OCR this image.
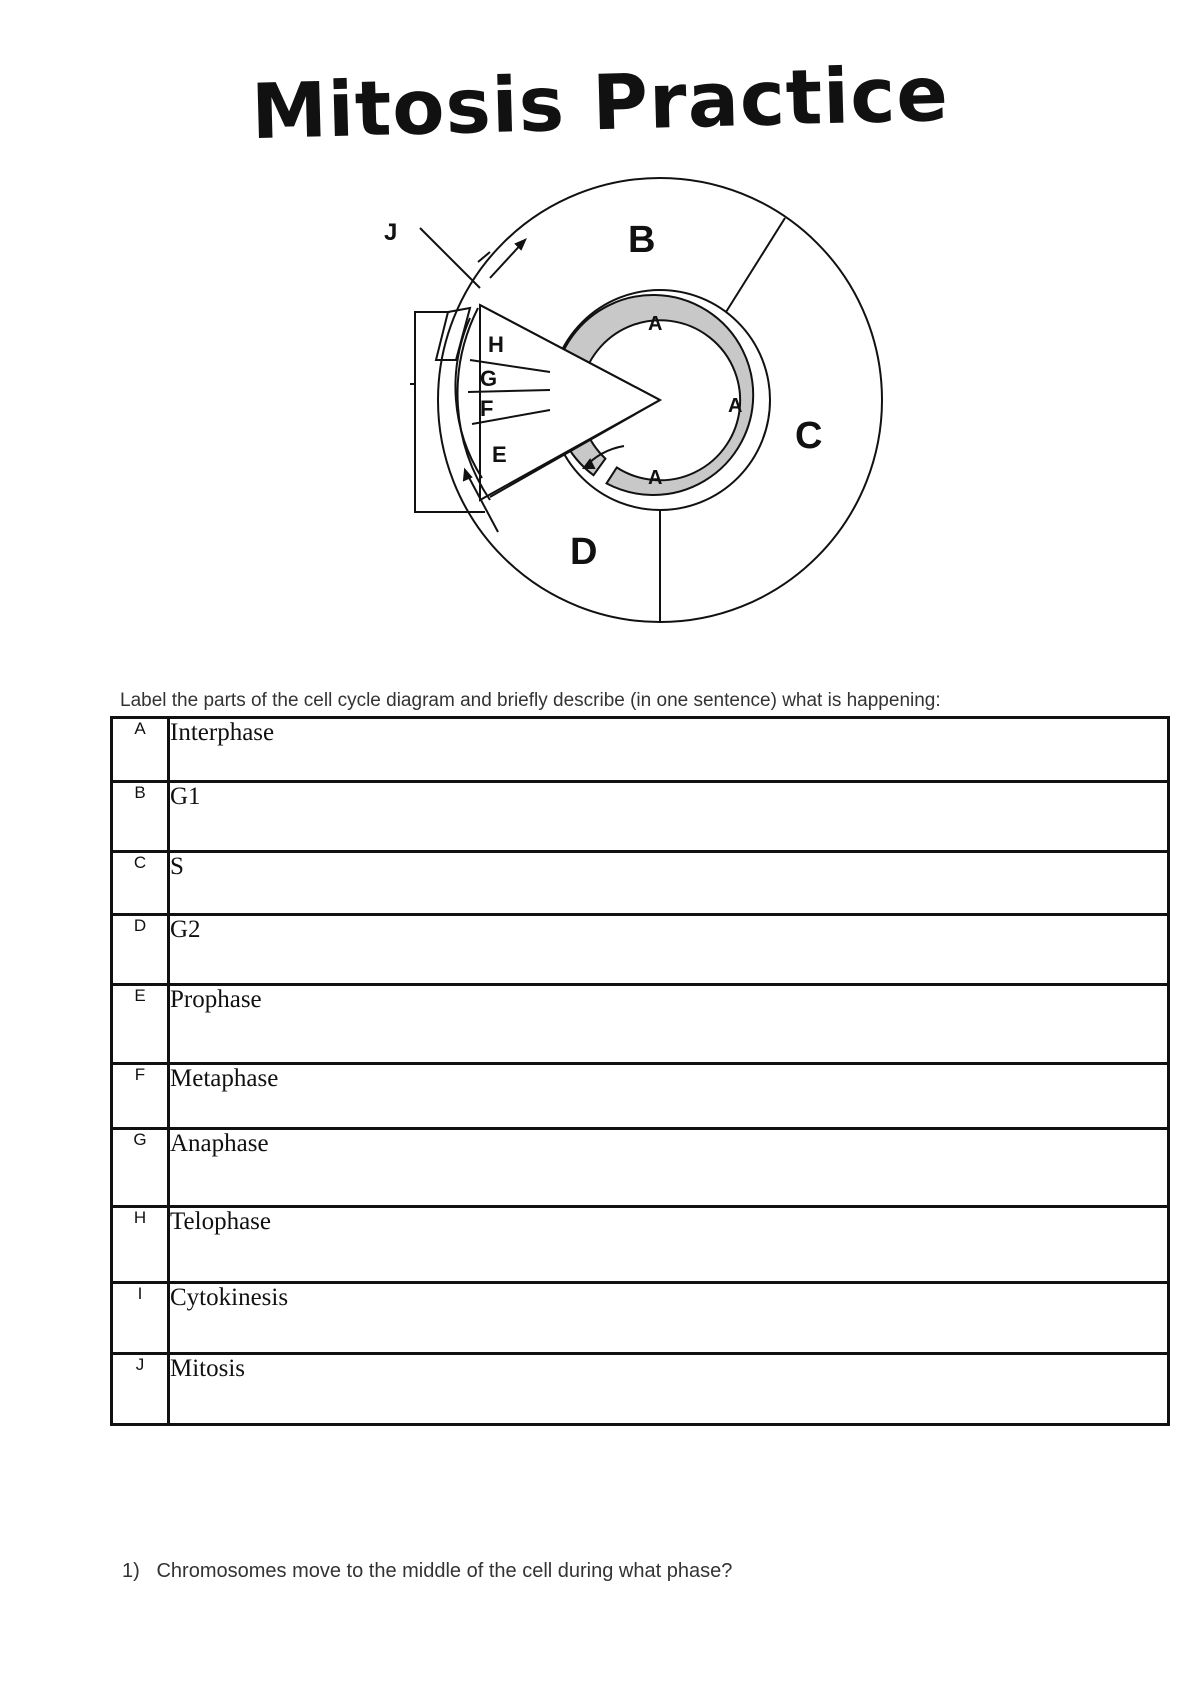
Mitosis Practice
J	B
C
D
A
A
A
H
G
F
E
Label the parts of the cell cycle diagram and briefly describe (in one sentence) what is happening:
A	Interphase
B	G1
C	S
D	G2
E	Prophase
F	Metaphase
G	Anaphase
H	Telophase
I	Cytokinesis
J	Mitosis
1) Chromosomes move to the middle of the cell during what phase?
